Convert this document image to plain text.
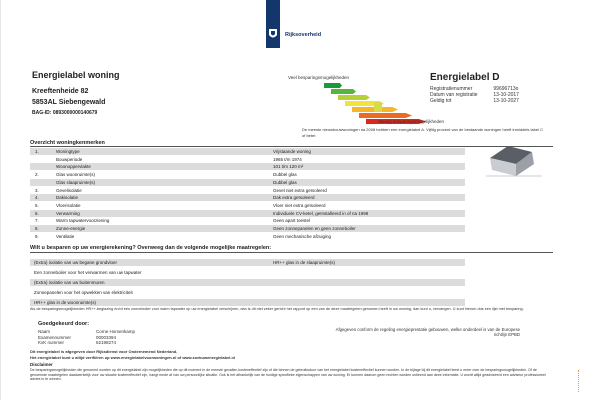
Rijksoverheid
Energielabel woning
Kreeftenheide 82
5853AL Siebengewald
BAG-ID: 0893000000140679
Veel besparingsmogelijkheden
Weinig besparingsmogelijkheden
Energielabel D
Registratienummer	99696713o
Datum van registratie	13-10-2017
Geldig tot	13-10-2027
De meeste nieuwbouwwoningen na 2008 hebben een energielabel A. Vijftig procent van de bestaande woningen heeft inmiddels label C of beter.
Overzicht woningkenmerken
1.	Woningtype	Vrijstaande woning
Bouwperiode	1965 t/m 1974
Woonoppervlakte	101 t/m 120 m²
2.	Glas woonruimte(s)	Dubbel glas
Glas slaapruimte(s)	Dubbel glas
3.	Gevelisolatie	Gevel niet extra geïsoleerd
4.	Dakisolatie	Dak extra geïsoleerd
5.	Vloerisolatie	Vloer niet extra geïsoleerd
6.	Verwarming	Individuele CV-ketel, geïnstalleerd in of na 1998
7.	Warm tapwatervoorziening	Geen apart toestel
8.	Zonne-energie	Geen zonnepanelen en geen zonneboiler
9.	Ventilatie	Geen mechanische afzuiging
Wilt u besparen op uw energierekening? Overweeg dan de volgende mogelijke maatregelen:
(Extra) isolatie van uw begane grondvloer	HR++ glas in de slaapruimte(s)
Een zonneboiler voor het verwarmen van uw tapwater
(Extra) isolatie van uw buitenmuren
Zonnepanelen voor het opwekken van elektriciteit
HR++ glas in de woonruimte(s)
Als de besparingsmogelijkheden HR++-beglazing en/of een zonneboiler voor warm tapwater op uw energielabel verschijnen, dan is dit niet zeker gericht het rapport op een van de deze maatregelen genomen heeft in uw woning, dan kunt u, vervangen. U kunt hierom dus een lijst met besparing.
Goedgekeurd door:
Naam	Corne Horsenkamp
Examennummer	00003394
KvK nummer	62198274
Afgegeven conform de regeling energieprestatie gebouwen, welke onderdeel is van de Europese richtlijn EPBD
Dit energielabel is afgegeven door Rijksdienst voor Ondernemend Nederland.
Het energielabel kunt u altijd verifiëren op www.energielabelvoorwoningen.nl of www.zoekuwenergielabel.nl
Disclaimer
De besparingsmogelijkheden die genoemd worden op dit energielabel zijn mogelijkheden die op dit moment in de meeste gevallen kosteneffectief zijn of die binnen de gebruiksduur van het energielabel kosteneffectief kunnen worden. In de bijlage bij dit energielabel leest u meer over de besparingsmogelijkheden. Of de genoemde maatregelen daadwerkelijk voor uw situatie kosteneffectief zijn, hangt mede af van uw persoonlijke situatie. Ook is het afhankelijk van de huidige specifieke eigenschappen van uw woning. Er kunnen daarom geen rechten worden ontleend aan deze informatie. U wordt altijd geadviseerd een adviseur professioneel advies in te winnen.
